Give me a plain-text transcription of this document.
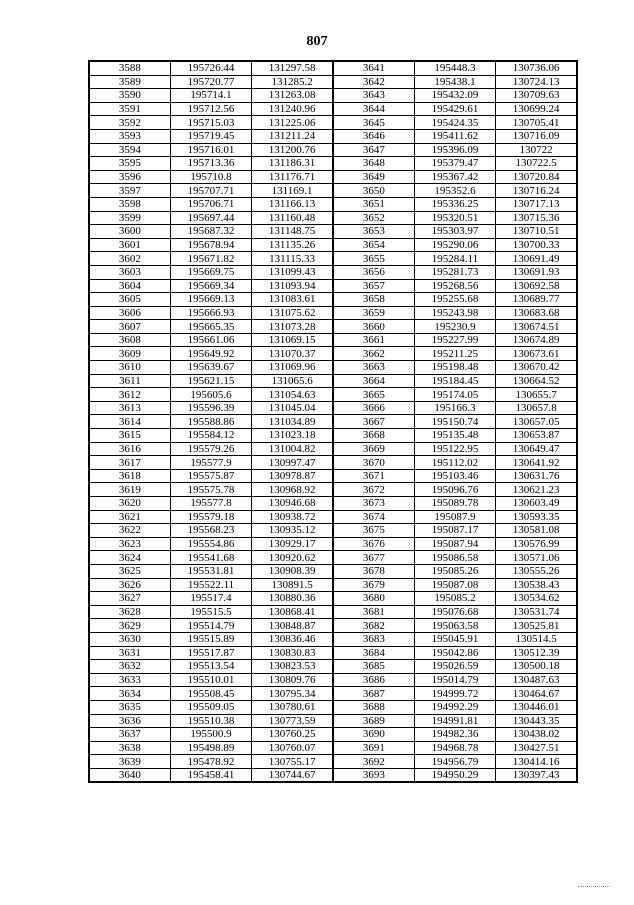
807
3588	195726.44	131297.58	3641	195448.3	130736.06
3589	195720.77	131285.2	3642	195438.1	130724.13
3590	195714.1	131263.08	3643	195432.09	130709.63
3591	195712.56	131240.96	3644	195429.61	130699.24
3592	195715.03	131225.06	3645	195424.35	130705.41
3593	195719.45	131211.24	3646	195411.62	130716.09
3594	195716.01	131200.76	3647	195396.09	130722
3595	195713.36	131186.31	3648	195379.47	130722.5
3596	195710.8	131176.71	3649	195367.42	130720.84
3597	195707.71	131169.1	3650	195352.6	130716.24
3598	195706.71	131166.13	3651	195336.25	130717.13
3599	195697.44	131160.48	3652	195320.51	130715.36
3600	195687.32	131148.75	3653	195303.97	130710.51
3601	195678.94	131135.26	3654	195290.06	130700.33
3602	195671.82	131115.33	3655	195284.11	130691.49
3603	195669.75	131099.43	3656	195281.73	130691.93
3604	195669.34	131093.94	3657	195268.56	130692.58
3605	195669.13	131083.61	3658	195255.68	130689.77
3606	195666.93	131075.62	3659	195243.98	130683.68
3607	195665.35	131073.28	3660	195230.9	130674.51
3608	195661.06	131069.15	3661	195227.99	130674.89
3609	195649.92	131070.37	3662	195211.25	130673.61
3610	195639.67	131069.96	3663	195198.48	130670.42
3611	195621.15	131065.6	3664	195184.45	130664.52
3612	195605.6	131054.63	3665	195174.05	130655.7
3613	195596.39	131045.04	3666	195166.3	130657.8
3614	195588.86	131034.89	3667	195150.74	130657.05
3615	195584.12	131023.18	3668	195135.48	130653.87
3616	195579.26	131004.82	3669	195122.95	130649.47
3617	195577.9	130997.47	3670	195112.02	130641.92
3618	195575.87	130978.87	3671	195103.46	130631.76
3619	195575.78	130968.92	3672	195096.76	130621.23
3620	195577.8	130946.68	3673	195089.78	130603.49
3621	195579.18	130938.72	3674	195087.9	130593.35
3622	195568.23	130935.12	3675	195087.17	130581.08
3623	195554.86	130929.17	3676	195087.94	130576.99
3624	195541.68	130920.62	3677	195086.58	130571.06
3625	195531.81	130908.39	3678	195085.26	130555.26
3626	195522.11	130891.5	3679	195087.08	130538.43
3627	195517.4	130880.36	3680	195085.2	130534.62
3628	195515.5	130868.41	3681	195076.68	130531.74
3629	195514.79	130848.87	3682	195063.58	130525.81
3630	195515.89	130836.46	3683	195045.91	130514.5
3631	195517.87	130830.83	3684	195042.86	130512.39
3632	195513.54	130823.53	3685	195026.59	130500.18
3633	195510.01	130809.76	3686	195014.79	130487.63
3634	195508.45	130795.34	3687	194999.72	130464.67
3635	195509.05	130780.61	3688	194992.29	130446.01
3636	195510.38	130773.59	3689	194991.81	130443.35
3637	195500.9	130760.25	3690	194982.36	130438.02
3638	195498.89	130760.07	3691	194968.78	130427.51
3639	195478.92	130755.17	3692	194956.79	130414.16
3640	195458.41	130744.67	3693	194950.29	130397.43
